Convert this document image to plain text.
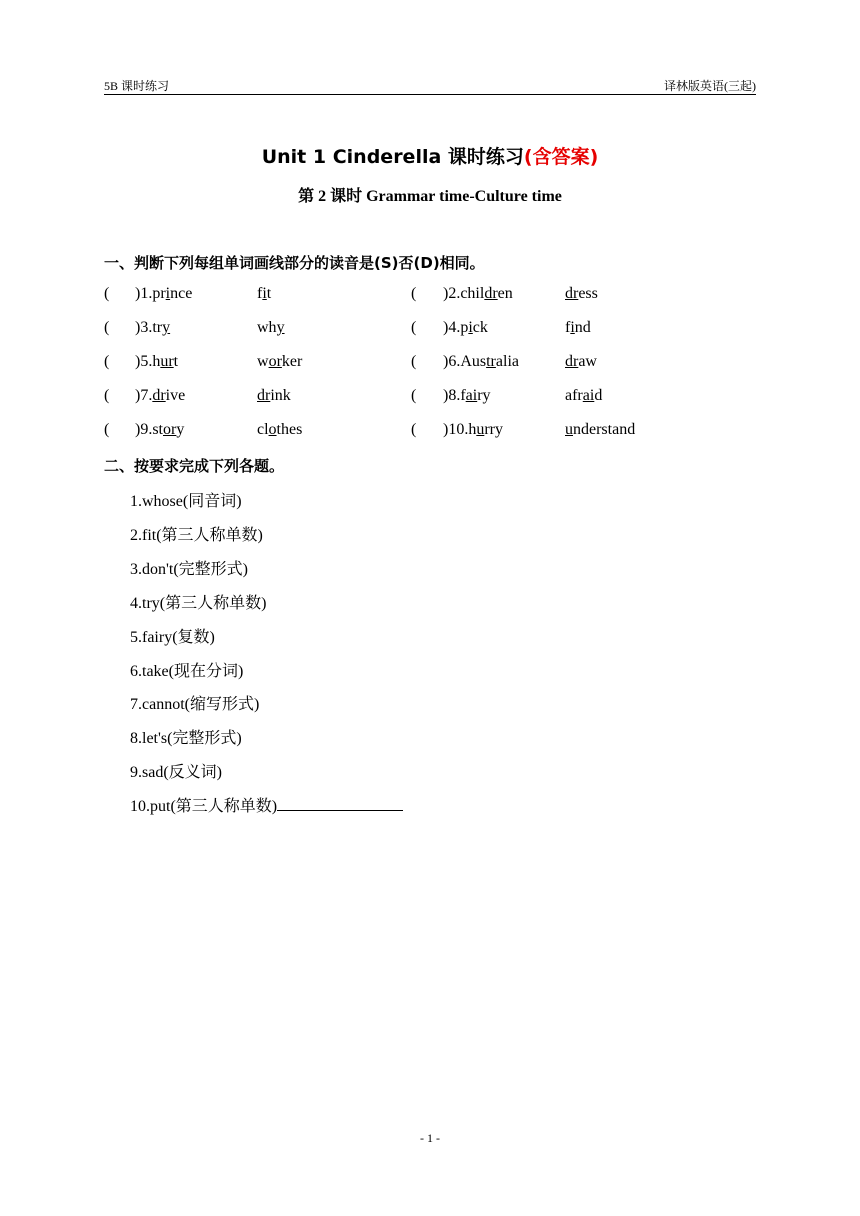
5B 课时练习	译林版英语(三起)
Unit 1 Cinderella 课时练习(含答案)
第 2 课时 Grammar time-Culture time
一、判断下列每组单词画线部分的读音是(S)否(D)相同。
( )1.prince	fit	( )2.children	dress
( )3.try	why	( )4.pick	find
( )5.hurt	worker	( )6.Australia	draw
( )7.drive	drink	( )8.fairy	afraid
( )9.story	clothes	( )10.hurry	understand
二、按要求完成下列各题。
1.whose(同音词)
2.fit(第三人称单数)
3.don't(完整形式)
4.try(第三人称单数)
5.fairy(复数)
6.take(现在分词)
7.cannot(缩写形式)
8.let's(完整形式)
9.sad(反义词)
10.put(第三人称单数)
- 1 -
